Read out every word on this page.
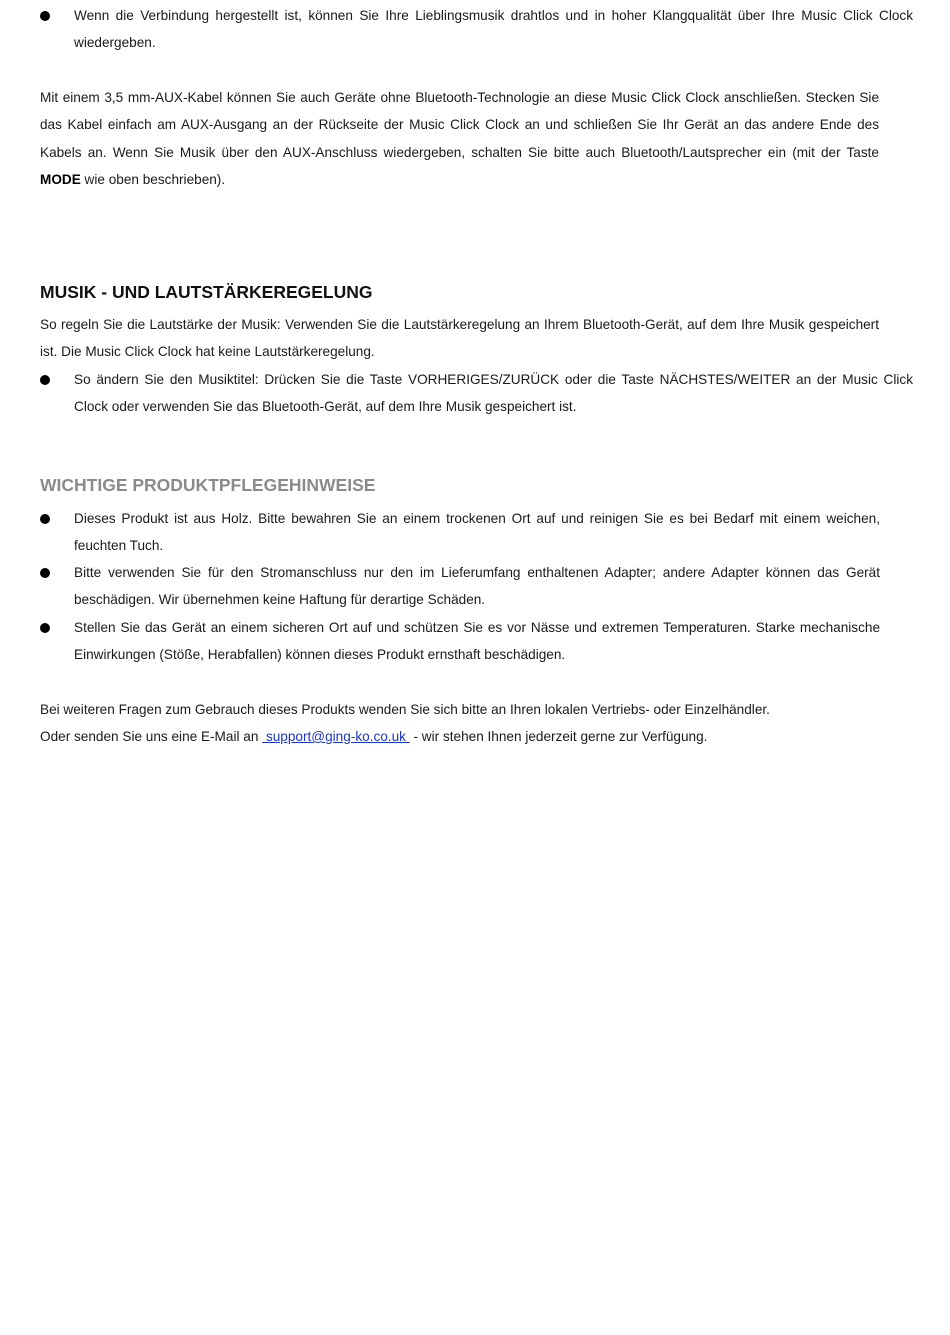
Wenn die Verbindung hergestellt ist, können Sie Ihre Lieblingsmusik drahtlos und in hoher Klangqualität über Ihre Music Click Clock wiedergeben.
Mit einem 3,5 mm-AUX-Kabel können Sie auch Geräte ohne Bluetooth-Technologie an diese Music Click Clock anschließen. Stecken Sie das Kabel einfach am AUX-Ausgang an der Rückseite der Music Click Clock an und schließen Sie Ihr Gerät an das andere Ende des Kabels an. Wenn Sie Musik über den AUX-Anschluss wiedergeben, schalten Sie bitte auch Bluetooth/Lautsprecher ein (mit der Taste MODE wie oben beschrieben).
MUSIK - UND LAUTSTÄRKEREGELUNG
So regeln Sie die Lautstärke der Musik: Verwenden Sie die Lautstärkeregelung an Ihrem Bluetooth-Gerät, auf dem Ihre Musik gespeichert ist. Die Music Click Clock hat keine Lautstärkeregelung.
So ändern Sie den Musiktitel: Drücken Sie die Taste VORHERIGES/ZURÜCK oder die Taste NÄCHSTES/WEITER an der Music Click Clock oder verwenden Sie das Bluetooth-Gerät, auf dem Ihre Musik gespeichert ist.
WICHTIGE PRODUKTPFLEGEHINWEISE
Dieses Produkt ist aus Holz. Bitte bewahren Sie an einem trockenen Ort auf und reinigen Sie es bei Bedarf mit einem weichen, feuchten Tuch.
Bitte verwenden Sie für den Stromanschluss nur den im Lieferumfang enthaltenen Adapter; andere Adapter können das Gerät beschädigen. Wir übernehmen keine Haftung für derartige Schäden.
Stellen Sie das Gerät an einem sicheren Ort auf und schützen Sie es vor Nässe und extremen Temperaturen. Starke mechanische Einwirkungen (Stöße, Herabfallen) können dieses Produkt ernsthaft beschädigen.
Bei weiteren Fragen zum Gebrauch dieses Produkts wenden Sie sich bitte an Ihren lokalen Vertriebs- oder Einzelhändler.
Oder senden Sie uns eine E-Mail an  support@ging-ko.co.uk  - wir stehen Ihnen jederzeit gerne zur Verfügung.
